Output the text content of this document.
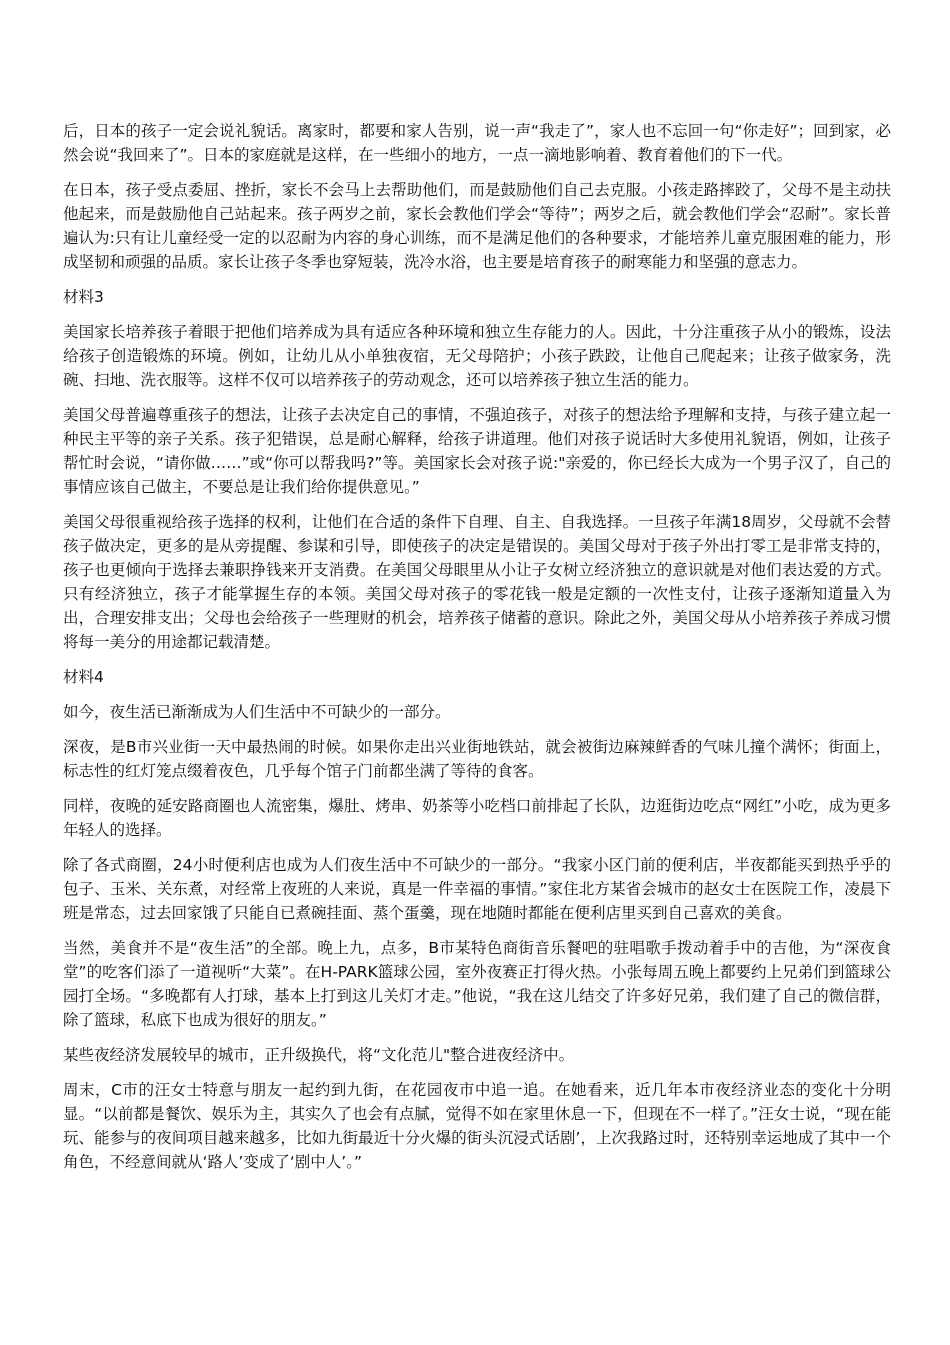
后，日本的孩子一定会说礼貌话。离家时，都要和家人告别，说一声“我走了”，家人也不忘回一句“你走好”；回到家，必然会说“我回来了”。日本的家庭就是这样，在一些细小的地方，一点一滴地影响着、教育着他们的下一代。

在日本，孩子受点委屈、挫折，家长不会马上去帮助他们，而是鼓励他们自己去克服。小孩走路摔跤了，父母不是主动扶他起来，而是鼓励他自己站起来。孩子两岁之前，家长会教他们学会“等待”；两岁之后，就会教他们学会“忍耐”。家长普遍认为:只有让儿童经受一定的以忍耐为内容的身心训练，而不是满足他们的各种要求，才能培养儿童克服困难的能力，形成坚韧和顽强的品质。家长让孩子冬季也穿短装，洗冷水浴，也主要是培育孩子的耐寒能力和坚强的意志力。

材料3

美国家长培养孩子着眼于把他们培养成为具有适应各种环境和独立生存能力的人。因此，十分注重孩子从小的锻炼，设法给孩子创造锻炼的环境。例如，让幼儿从小单独夜宿，无父母陪护；小孩子跌跤，让他自己爬起来；让孩子做家务，洗碗、扫地、洗衣服等。这样不仅可以培养孩子的劳动观念，还可以培养孩子独立生活的能力。

美国父母普遍尊重孩子的想法，让孩子去决定自己的事情，不强迫孩子，对孩子的想法给予理解和支持，与孩子建立起一种民主平等的亲子关系。孩子犯错误，总是耐心解释，给孩子讲道理。他们对孩子说话时大多使用礼貌语，例如，让孩子帮忙时会说，“请你做……”或“你可以帮我吗?”等。美国家长会对孩子说:"亲爱的，你已经长大成为一个男子汉了，自己的事情应该自己做主，不要总是让我们给你提供意见。”

美国父母很重视给孩子选择的权利，让他们在合适的条件下自理、自主、自我选择。一旦孩子年满18周岁，父母就不会替孩子做决定，更多的是从旁提醒、参谋和引导，即使孩子的决定是错误的。美国父母对于孩子外出打零工是非常支持的，孩子也更倾向于选择去兼职挣钱来开支消费。在美国父母眼里从小让子女树立经济独立的意识就是对他们表达爱的方式。只有经济独立，孩子才能掌握生存的本领。美国父母对孩子的零花钱一般是定额的一次性支付，让孩子逐渐知道量入为出，合理安排支出；父母也会给孩子一些理财的机会，培养孩子储蓄的意识。除此之外，美国父母从小培养孩子养成习惯将每一美分的用途都记载清楚。

材料4

如今，夜生活已渐渐成为人们生活中不可缺少的一部分。

深夜，是B市兴业街一天中最热闹的时候。如果你走出兴业街地铁站，就会被街边麻辣鲜香的气味儿撞个满怀；街面上，标志性的红灯笼点缀着夜色，几乎每个馆子门前都坐满了等待的食客。

同样，夜晚的延安路商圈也人流密集，爆肚、烤串、奶茶等小吃档口前排起了长队，边逛街边吃点“网红”小吃，成为更多年轻人的选择。

除了各式商圈，24小时便利店也成为人们夜生活中不可缺少的一部分。“我家小区门前的便利店，半夜都能买到热乎乎的包子、玉米、关东煮，对经常上夜班的人来说，真是一件幸福的事情。”家住北方某省会城市的赵女士在医院工作，凌晨下班是常态，过去回家饿了只能自已煮碗挂面、蒸个蛋羹，现在地随时都能在便利店里买到自己喜欢的美食。

当然，美食并不是“夜生活”的全部。晚上九，点多，B市某特色商街音乐餐吧的驻唱歌手拨动着手中的吉他，为“深夜食堂”的吃客们添了一道视听“大菜”。在H-PARK篮球公园，室外夜赛正打得火热。小张每周五晚上都要约上兄弟们到篮球公园打全场。“多晚都有人打球，基本上打到这儿关灯才走。”他说，“我在这儿结交了许多好兄弟，我们建了自己的微信群，除了篮球，私底下也成为很好的朋友。”

某些夜经济发展较早的城市，正升级换代，将“文化范儿"整合进夜经济中。

周末，C市的汪女士特意与朋友一起约到九街，在花园夜市中追一追。在她看来，近几年本市夜经济业态的变化十分明显。“以前都是餐饮、娱乐为主，其实久了也会有点腻，觉得不如在家里休息一下，但现在不一样了。”汪女士说，“现在能玩、能参与的夜间项目越来越多，比如九街最近十分火爆的街头沉浸式话剧’，上次我路过时，还特别幸运地成了其中一个角色，不经意间就从‘路人’变成了‘剧中人’。”
